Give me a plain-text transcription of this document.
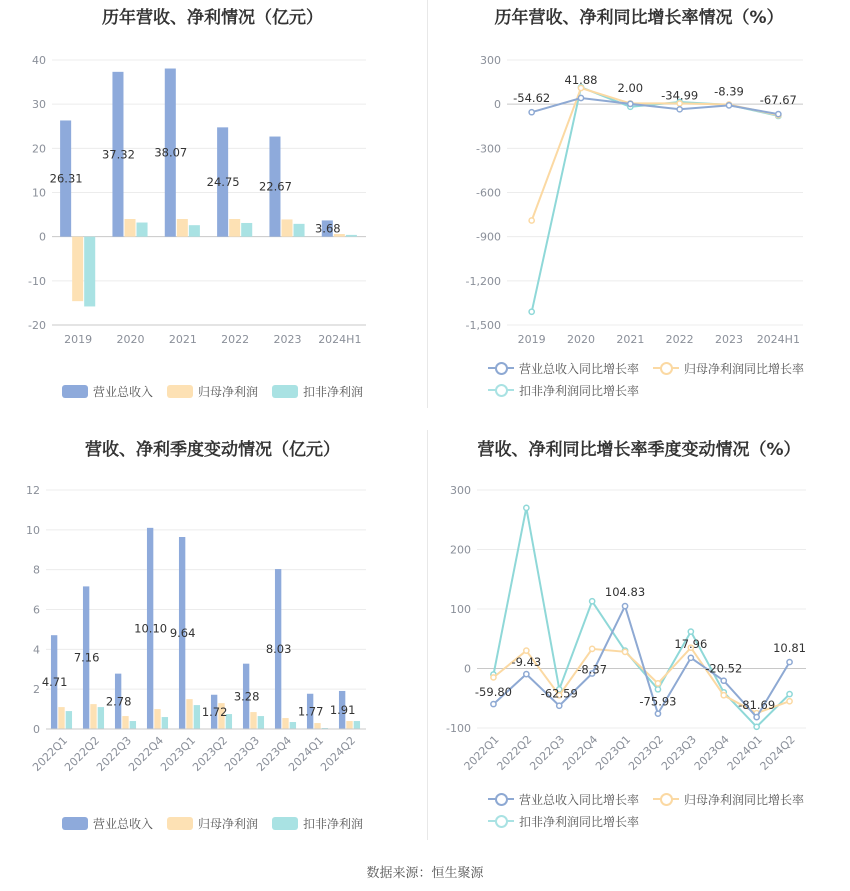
历年营收、净利情况（亿元）
40
30
20
10
0
-10
-20
26.31
2019
37.32
2020
38.07
2021
24.75
2022
22.67
2023
3.68
2024H1
营业总收入	归母净利润	扣非净利润
历年营收、净利同比增长率情况（%）
300
0
-300
-600
-900
-1,200
-1,500
-54.62
2019
41.88
2020
2.00
2021
-34.99
2022
-8.39
2023
-67.67
2024H1
营业总收入同比增长率	归母净利润同比增长率
扣非净利润同比增长率
营收、净利季度变动情况（亿元）
12
10
8
6
4
2
0
4.71
2022Q1
7.16
2022Q2
2.78
2022Q3
10.10
2022Q4
9.64
2023Q1
1.72
2023Q2
3.28
2023Q3
8.03
2023Q4
1.77
2024Q1
1.91
2024Q2
营业总收入	归母净利润	扣非净利润
营收、净利同比增长率季度变动情况（%）
300
200
100
0
-100
-59.80
2022Q1
-9.43
2022Q2
-62.59
2022Q3
-8.37
2022Q4
104.83
2023Q1
-75.93
2023Q2
17.96
2023Q3
-20.52
2023Q4
-81.69
2024Q1
10.81
2024Q2
营业总收入同比增长率	归母净利润同比增长率
扣非净利润同比增长率
数据来源：恒生聚源
